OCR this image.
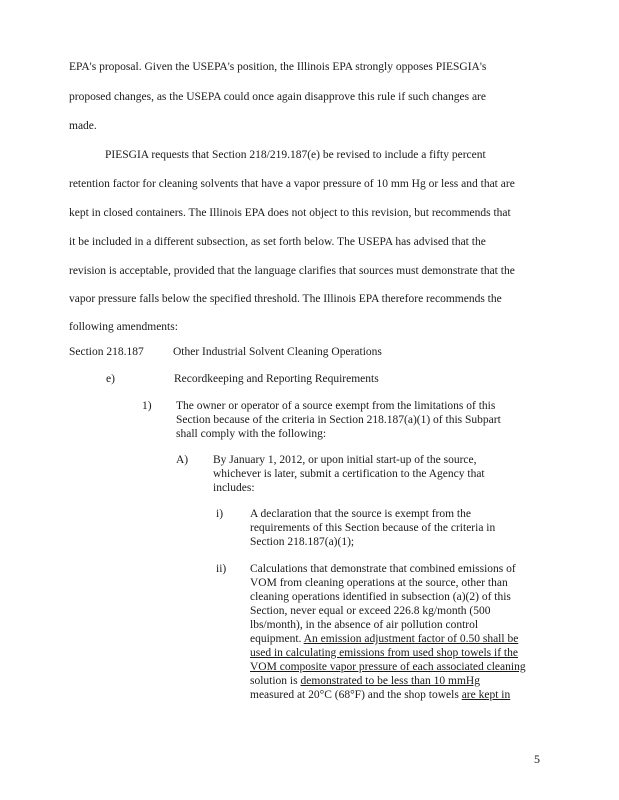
EPA's proposal. Given the USEPA's position, the Illinois EPA strongly opposes PIESGIA's
proposed changes, as the USEPA could once again disapprove this rule if such changes are
made.
PIESGIA requests that Section 218/219.187(e) be revised to include a fifty percent
retention factor for cleaning solvents that have a vapor pressure of 10 mm Hg or less and that are
kept in closed containers. The Illinois EPA does not object to this revision, but recommends that
it be included in a different subsection, as set forth below. The USEPA has advised that the
revision is acceptable, provided that the language clarifies that sources must demonstrate that the
vapor pressure falls below the specified threshold. The Illinois EPA therefore recommends the
following amendments:
Section 218.187	Other Industrial Solvent Cleaning Operations
e)	Recordkeeping and Reporting Requirements
1) The owner or operator of a source exempt from the limitations of this
Section because of the criteria in Section 218.187(a)(1) of this Subpart
shall comply with the following:
A) By January 1, 2012, or upon initial start-up of the source,
whichever is later, submit a certification to the Agency that
includes:
i) A declaration that the source is exempt from the
requirements of this Section because of the criteria in
Section 218.187(a)(1);
ii) Calculations that demonstrate that combined emissions of
VOM from cleaning operations at the source, other than
cleaning operations identified in subsection (a)(2) of this
Section, never equal or exceed 226.8 kg/month (500
lbs/month), in the absence of air pollution control
equipment. An emission adjustment factor of 0.50 shall be
used in calculating emissions from used shop towels if the
VOM composite vapor pressure of each associated cleaning
solution is demonstrated to be less than 10 mmHg
measured at 20°C (68°F) and the shop towels are kept in
5
